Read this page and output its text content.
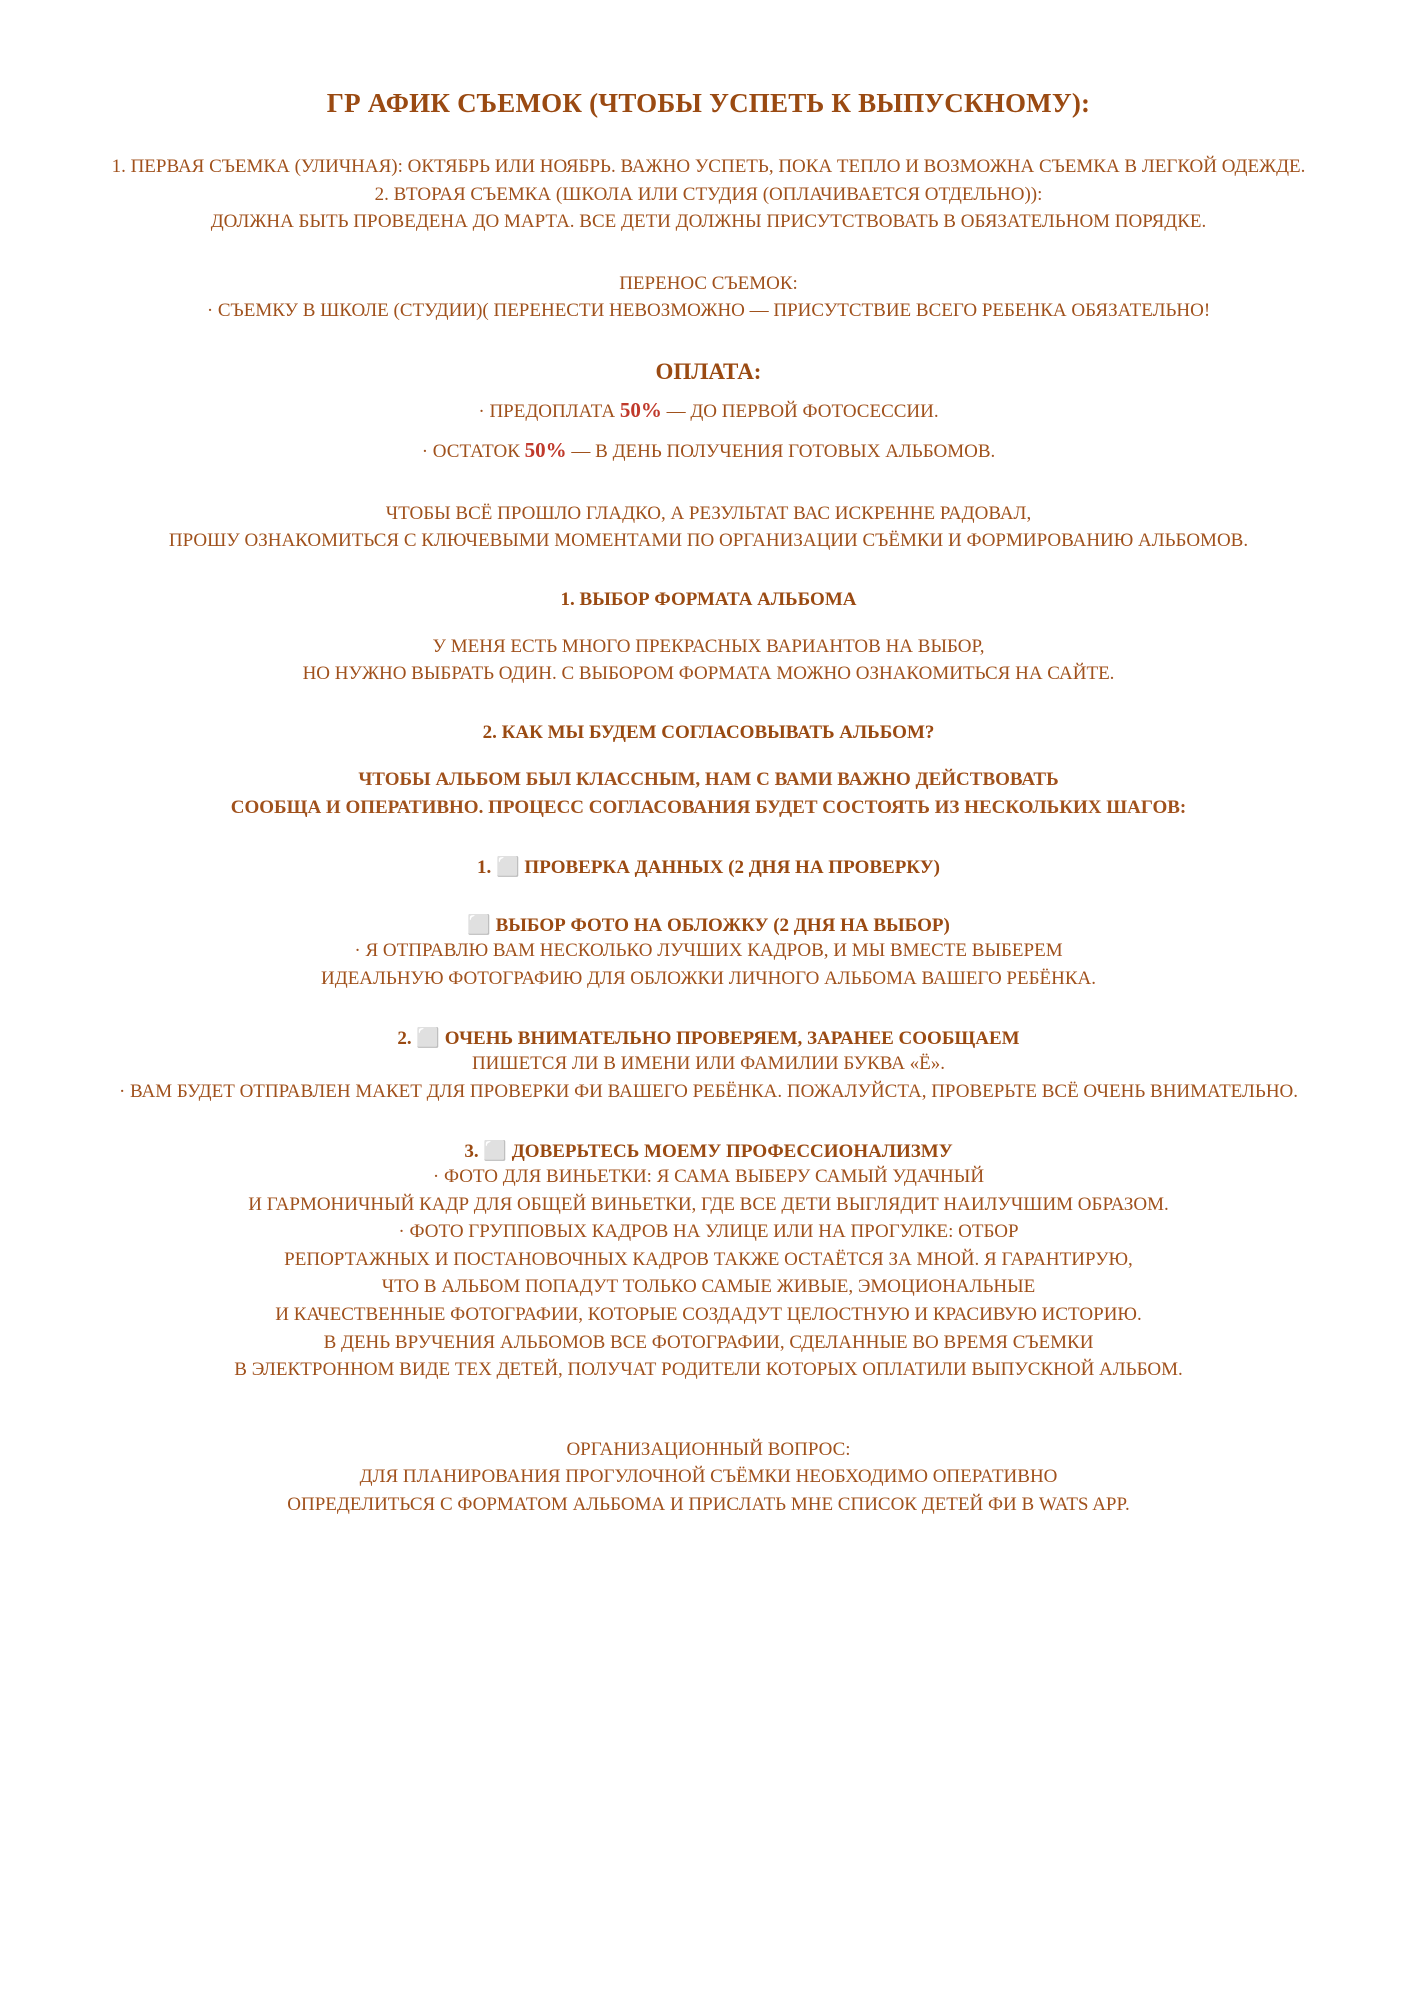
ГР АФИК СЪЕМОК (ЧТОБЫ УСПЕТЬ К ВЫПУСКНОМУ):

1. ПЕРВАЯ СЪЕМКА (УЛИЧНАЯ): ОКТЯБРЬ ИЛИ НОЯБРЬ. ВАЖНО УСПЕТЬ, ПОКА ТЕПЛО И ВОЗМОЖНА СЪЕМКА В ЛЕГКОЙ ОДЕЖДЕ.

2. ВТОРАЯ СЪЕМКА (ШКОЛА ИЛИ СТУДИЯ (ОПЛАЧИВАЕТСЯ ОТДЕЛЬНО)):

ДОЛЖНА БЫТЬ ПРОВЕДЕНА ДО МАРТА. ВСЕ ДЕТИ ДОЛЖНЫ ПРИСУТСТВОВАТЬ В ОБЯЗАТЕЛЬНОМ ПОРЯДКЕ.

ПЕРЕНОС СЪЕМОК:

· СЪЕМКУ В ШКОЛЕ (СТУДИИ)( ПЕРЕНЕСТИ НЕВОЗМОЖНО — ПРИСУТСТВИЕ ВСЕГО РЕБЕНКА ОБЯЗАТЕЛЬНО!

ОПЛАТА:

· ПРЕДОПЛАТА 50% — ДО ПЕРВОЙ ФОТОСЕССИИ.

· ОСТАТОК 50% — В ДЕНЬ ПОЛУЧЕНИЯ ГОТОВЫХ АЛЬБОМОВ.

ЧТОБЫ ВСЁ ПРОШЛО ГЛАДКО, А РЕЗУЛЬТАТ ВАС ИСКРЕННЕ РАДОВАЛ,

ПРОШУ ОЗНАКОМИТЬСЯ С КЛЮЧЕВЫМИ МОМЕНТАМИ ПО ОРГАНИЗАЦИИ СЪЁМКИ И ФОРМИРОВАНИЮ АЛЬБОМОВ.

1. ВЫБОР ФОРМАТА АЛЬБОМА

У МЕНЯ ЕСТЬ МНОГО ПРЕКРАСНЫХ ВАРИАНТОВ НА ВЫБОР,

НО НУЖНО ВЫБРАТЬ ОДИН. С ВЫБОРОМ ФОРМАТА МОЖНО ОЗНАКОМИТЬСЯ НА САЙТЕ.

2. КАК МЫ БУДЕМ СОГЛАСОВЫВАТЬ АЛЬБОМ?

ЧТОБЫ АЛЬБОМ БЫЛ КЛАССНЫМ, НАМ С ВАМИ ВАЖНО ДЕЙСТВОВАТЬ

СООБЩА И ОПЕРАТИВНО. ПРОЦЕСС СОГЛАСОВАНИЯ БУДЕТ СОСТОЯТЬ ИЗ НЕСКОЛЬКИХ ШАГОВ:

1. ⬜ ПРОВЕРКА ДАННЫХ (2 ДНЯ НА ПРОВЕРКУ)

⬜ ВЫБОР ФОТО НА ОБЛОЖКУ (2 ДНЯ НА ВЫБОР)

· Я ОТПРАВЛЮ ВАМ НЕСКОЛЬКО ЛУЧШИХ КАДРОВ, И МЫ ВМЕСТЕ ВЫБЕРЕМ

ИДЕАЛЬНУЮ ФОТОГРАФИЮ ДЛЯ ОБЛОЖКИ ЛИЧНОГО АЛЬБОМА ВАШЕГО РЕБЁНКА.

2. ⬜ ОЧЕНЬ ВНИМАТЕЛЬНО ПРОВЕРЯЕМ, ЗАРАНЕЕ СООБЩАЕМ

ПИШЕТСЯ ЛИ В ИМЕНИ ИЛИ ФАМИЛИИ БУКВА «Ё».

· ВАМ БУДЕТ ОТПРАВЛЕН МАКЕТ ДЛЯ ПРОВЕРКИ ФИ ВАШЕГО РЕБЁНКА. ПОЖАЛУЙСТА, ПРОВЕРЬТЕ ВСЁ ОЧЕНЬ ВНИМАТЕЛЬНО.

3. ⬜ ДОВЕРЬТЕСЬ МОЕМУ ПРОФЕССИОНАЛИЗМУ

· ФОТО ДЛЯ ВИНЬЕТКИ: Я САМА ВЫБЕРУ САМЫЙ УДАЧНЫЙ

И ГАРМОНИЧНЫЙ КАДР ДЛЯ ОБЩЕЙ ВИНЬЕТКИ, ГДЕ ВСЕ ДЕТИ ВЫГЛЯДИТ НАИЛУЧШИМ ОБРАЗОМ.

· ФОТО ГРУППОВЫХ КАДРОВ НА УЛИЦЕ ИЛИ НА ПРОГУЛКЕ: ОТБОР

РЕПОРТАЖНЫХ И ПОСТАНОВОЧНЫХ КАДРОВ ТАКЖЕ ОСТАЁТСЯ ЗА МНОЙ. Я ГАРАНТИРУЮ,

ЧТО В АЛЬБОМ ПОПАДУТ ТОЛЬКО САМЫЕ ЖИВЫЕ, ЭМОЦИОНАЛЬНЫЕ

И КАЧЕСТВЕННЫЕ ФОТОГРАФИИ, КОТОРЫЕ СОЗДАДУТ ЦЕЛОСТНУЮ И КРАСИВУЮ ИСТОРИЮ.

В ДЕНЬ ВРУЧЕНИЯ АЛЬБОМОВ ВСЕ ФОТОГРАФИИ, СДЕЛАННЫЕ ВО ВРЕМЯ СЪЕМКИ

В ЭЛЕКТРОННОМ ВИДЕ ТЕХ ДЕТЕЙ, ПОЛУЧАТ РОДИТЕЛИ КОТОРЫХ ОПЛАТИЛИ ВЫПУСКНОЙ АЛЬБОМ.

ОРГАНИЗАЦИОННЫЙ ВОПРОС:

ДЛЯ ПЛАНИРОВАНИЯ ПРОГУЛОЧНОЙ СЪЁМКИ НЕОБХОДИМО ОПЕРАТИВНО

ОПРЕДЕЛИТЬСЯ С ФОРМАТОМ АЛЬБОМА И ПРИСЛАТЬ МНЕ СПИСОК ДЕТЕЙ ФИ В WATS APP.
